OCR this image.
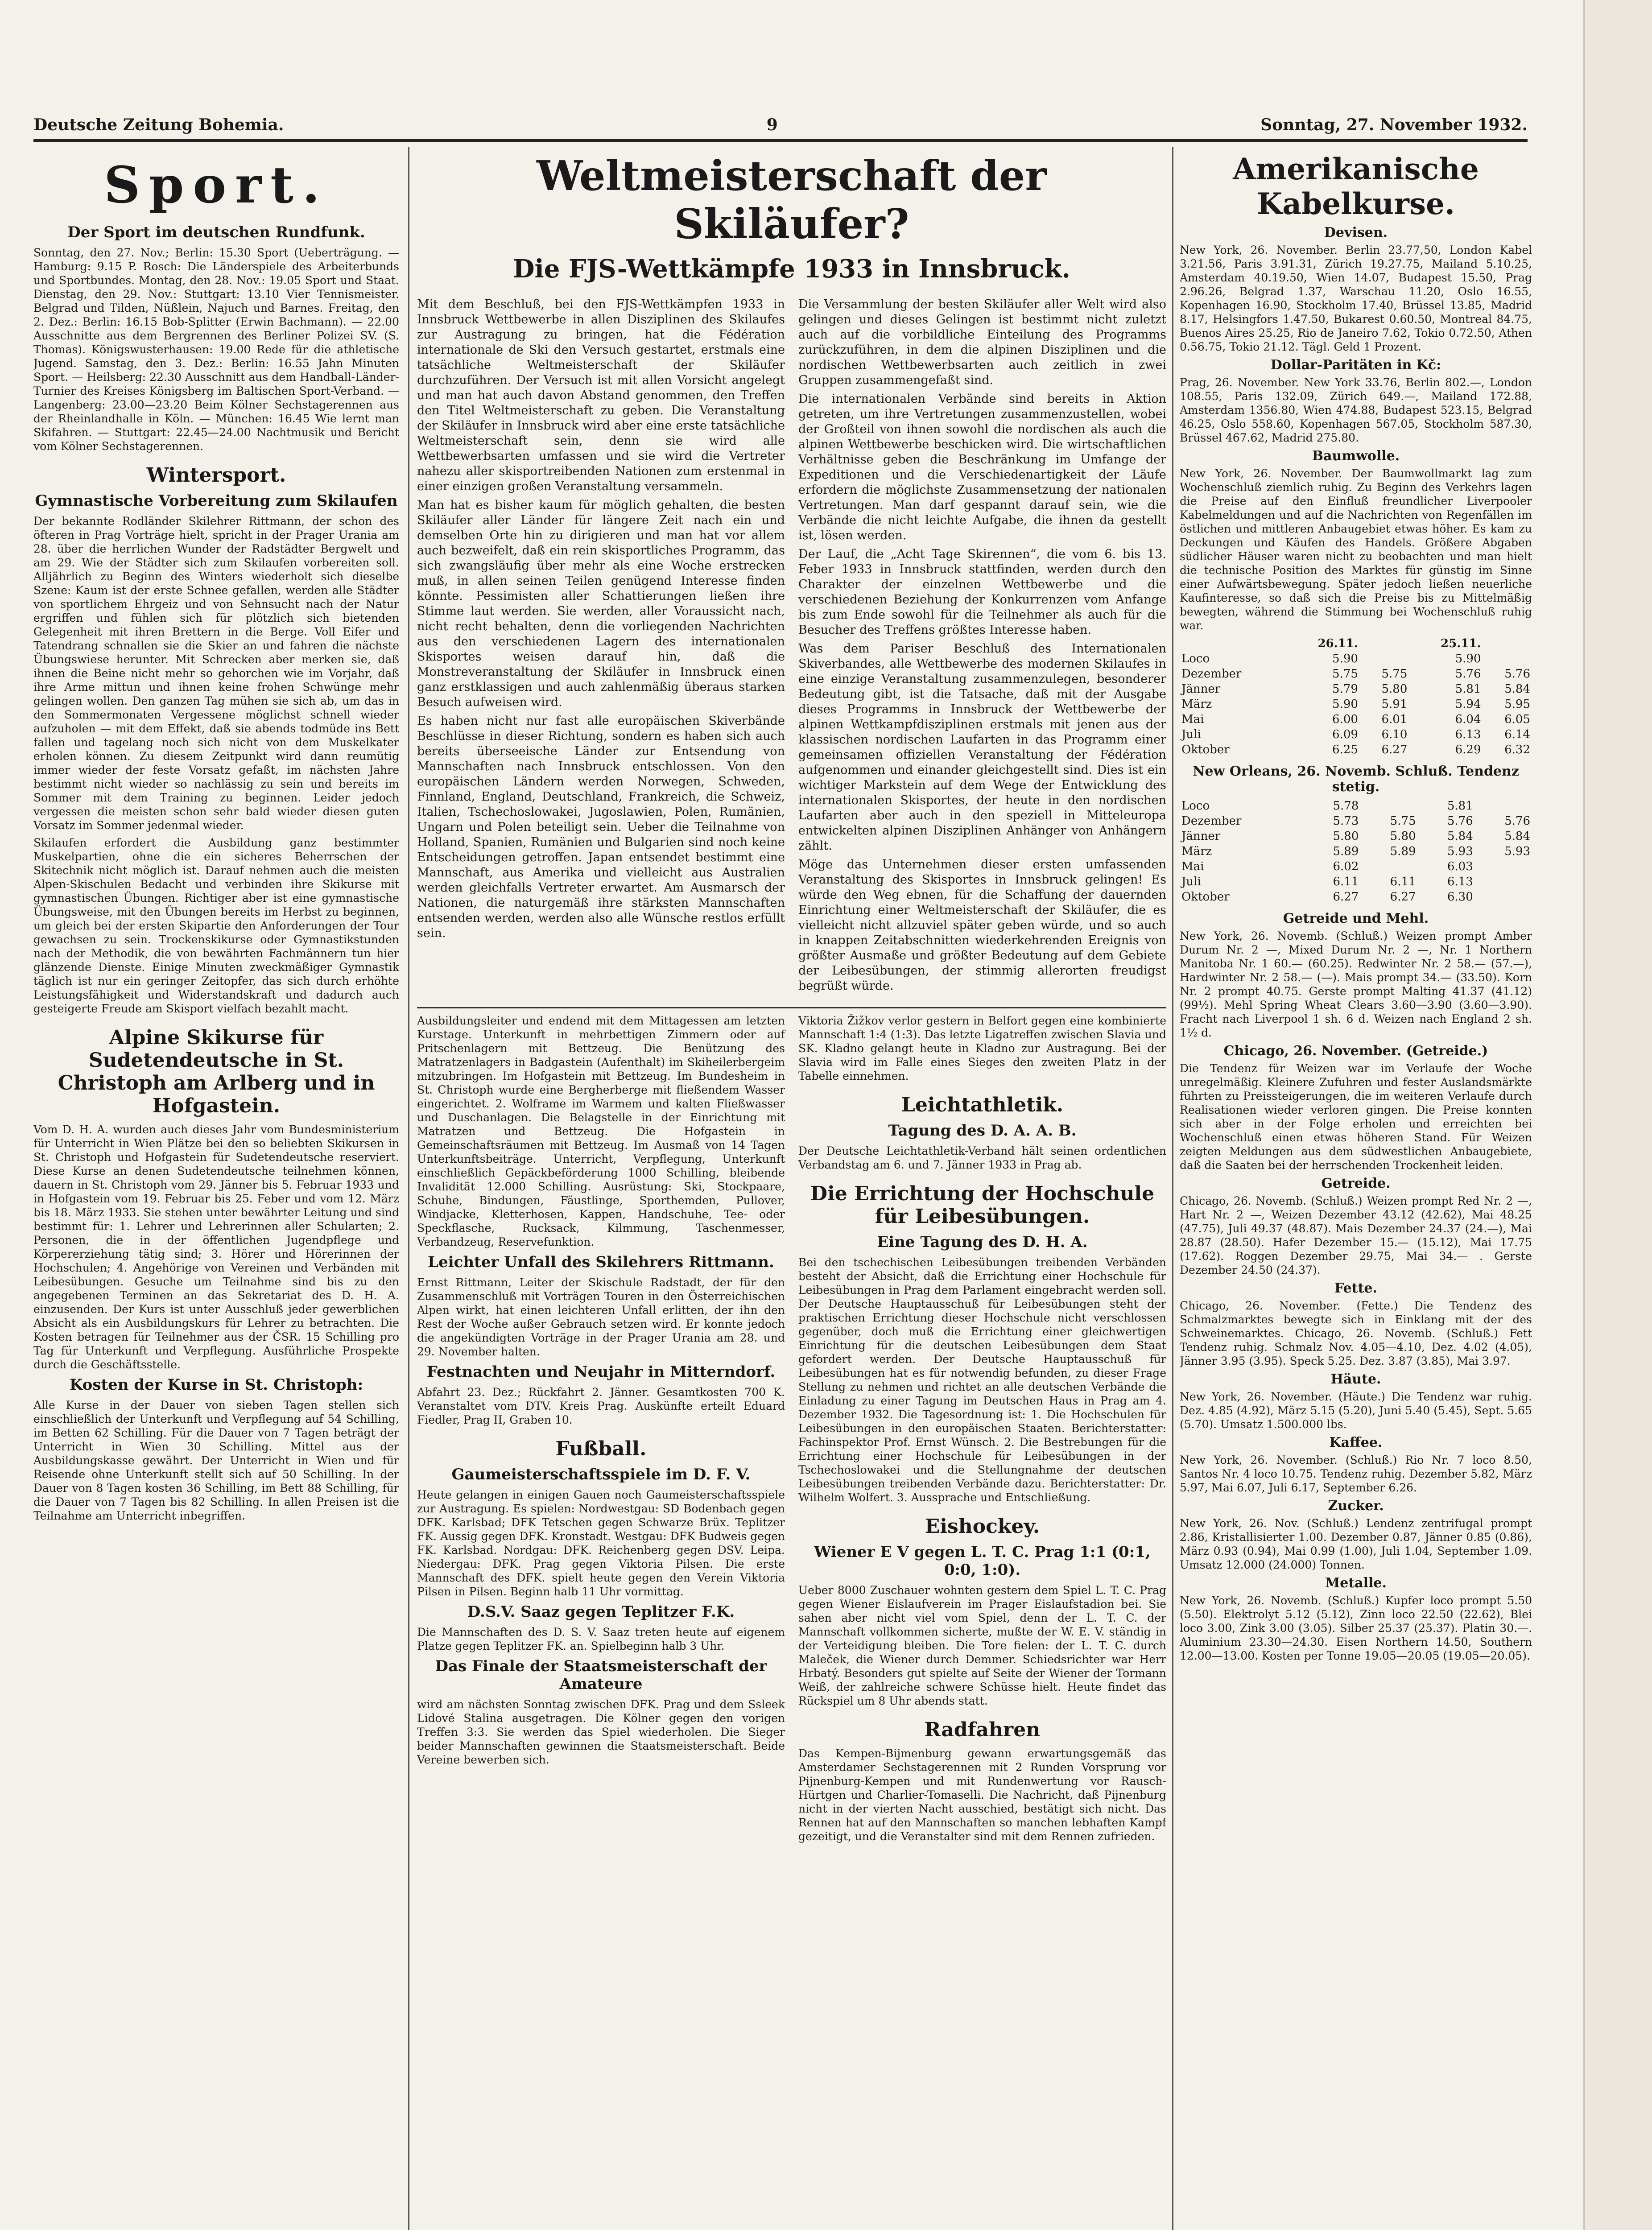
Deutsche Zeitung Bohemia.	9	Sonntag, 27. November 1932.
Sport.
Der Sport im deutschen Rundfunk.

Sonntag, den 27. Nov.; Berlin: 15.30 Sport (Ueberträgung. — Hamburg: 9.15 P. Rosch: Die Länderspiele des Arbeiterbunds und Sportbundes. Montag, den 28. Nov.: 19.05 Sport und Staat. Dienstag, den 29. Nov.: Stuttgart: 13.10 Vier Tennismeister. Belgrad und Tilden, Nüßlein, Najuch und Barnes. Freitag, den 2. Dez.: Berlin: 16.15 Bob-Splitter (Erwin Bachmann). — 22.00 Ausschnitte aus dem Bergrennen des Berliner Polizei SV. (S. Thomas). Königswusterhausen: 19.00 Rede für die athletische Jugend. Samstag, den 3. Dez.: Berlin: 16.55 Jahn Minuten Sport. — Heilsberg: 22.30 Ausschnitt aus dem Handball-Länder-Turnier des Kreises Königsberg im Baltischen Sport-Verband. — Langenberg: 23.00—23.20 Beim Kölner Sechstagerennen aus der Rheinlandhalle in Köln. — München: 16.45 Wie lernt man Skifahren. — Stuttgart: 22.45—24.00 Nachtmusik und Bericht vom Kölner Sechstagerennen.

Wintersport.
Gymnastische Vorbereitung zum Skilaufen

Der bekannte Rodländer Skilehrer Rittmann, der schon des öfteren in Prag Vorträge hielt, spricht in der Prager Urania am 28. über die herrlichen Wunder der Radstädter Bergwelt und am 29. Wie der Städter sich zum Skilaufen vorbereiten soll. Alljährlich zu Beginn des Winters wiederholt sich dieselbe Szene: Kaum ist der erste Schnee gefallen, werden alle Städter von sportlichem Ehrgeiz und von Sehnsucht nach der Natur ergriffen und fühlen sich für plötzlich sich bietenden Gelegenheit mit ihren Brettern in die Berge. Voll Eifer und Tatendrang schnallen sie die Skier an und fahren die nächste Übungswiese herunter. Mit Schrecken aber merken sie, daß ihnen die Beine nicht mehr so gehorchen wie im Vorjahr, daß ihre Arme mittun und ihnen keine frohen Schwünge mehr gelingen wollen. Den ganzen Tag mühen sie sich ab, um das in den Sommermonaten Vergessene möglichst schnell wieder aufzuholen — mit dem Effekt, daß sie abends todmüde ins Bett fallen und tagelang noch sich nicht von dem Muskelkater erholen können. Zu diesem Zeitpunkt wird dann reumütig immer wieder der feste Vorsatz gefaßt, im nächsten Jahre bestimmt nicht wieder so nachlässig zu sein und bereits im Sommer mit dem Training zu beginnen. Leider jedoch vergessen die meisten schon sehr bald wieder diesen guten Vorsatz im Sommer jedenmal wieder.

Skilaufen erfordert die Ausbildung ganz bestimmter Muskelpartien, ohne die ein sicheres Beherrschen der Skitechnik nicht möglich ist. Darauf nehmen auch die meisten Alpen-Skischulen Bedacht und verbinden ihre Skikurse mit gymnastischen Übungen. Richtiger aber ist eine gymnastische Übungsweise, mit den Übungen bereits im Herbst zu beginnen, um gleich bei der ersten Skipartie den Anforderungen der Tour gewachsen zu sein. Trockenskikurse oder Gymnastikstunden nach der Methodik, die von bewährten Fachmännern tun hier glänzende Dienste. Einige Minuten zweckmäßiger Gymnastik täglich ist nur ein geringer Zeitopfer, das sich durch erhöhte Leistungsfähigkeit und Widerstandskraft und dadurch auch gesteigerte Freude am Skisport vielfach bezahlt macht.

Alpine Skikurse für Sudetendeutsche in St. Christoph am Arlberg und in Hofgastein.

Vom D. H. A. wurden auch dieses Jahr vom Bundesministerium für Unterricht in Wien Plätze bei den so beliebten Skikursen in St. Christoph und Hofgastein für Sudetendeutsche reserviert. Diese Kurse an denen Sudetendeutsche teilnehmen können, dauern in St. Christoph vom 29. Jänner bis 5. Februar 1933 und in Hofgastein vom 19. Februar bis 25. Feber und vom 12. März bis 18. März 1933. Sie stehen unter bewährter Leitung und sind bestimmt für: 1. Lehrer und Lehrerinnen aller Schularten; 2. Personen, die in der öffentlichen Jugendpflege und Körpererziehung tätig sind; 3. Hörer und Hörerinnen der Hochschulen; 4. Angehörige von Vereinen und Verbänden mit Leibesübungen. Gesuche um Teilnahme sind bis zu den angegebenen Terminen an das Sekretariat des D. H. A. einzusenden. Der Kurs ist unter Ausschluß jeder gewerblichen Absicht als ein Ausbildungskurs für Lehrer zu betrachten. Die Kosten betragen für Teilnehmer aus der ČSR. 15 Schilling pro Tag für Unterkunft und Verpflegung. Ausführliche Prospekte durch die Geschäftsstelle.

Kosten der Kurse in St. Christoph:

Alle Kurse in der Dauer von sieben Tagen stellen sich einschließlich der Unterkunft und Verpflegung auf 54 Schilling, im Betten 62 Schilling. Für die Dauer von 7 Tagen beträgt der Unterricht in Wien 30 Schilling. Mittel aus der Ausbildungskasse gewährt. Der Unterricht in Wien und für Reisende ohne Unterkunft stellt sich auf 50 Schilling. In der Dauer von 8 Tagen kosten 36 Schilling, im Bett 88 Schilling, für die Dauer von 7 Tagen bis 82 Schilling. In allen Preisen ist die Teilnahme am Unterricht inbegriffen.

Weltmeisterschaft der Skiläufer?
Die FJS-Wettkämpfe 1933 in Innsbruck.

Mit dem Beschluß, bei den FJS-Wettkämpfen 1933 in Innsbruck Wettbewerbe in allen Disziplinen des Skilaufes zur Austragung zu bringen, hat die Fédération internationale de Ski den Versuch gestartet, erstmals eine tatsächliche Weltmeisterschaft der Skiläufer durchzuführen. Der Versuch ist mit allen Vorsicht angelegt und man hat auch davon Abstand genommen, den Treffen den Titel Weltmeisterschaft zu geben. Die Veranstaltung der Skiläufer in Innsbruck wird aber eine erste tatsächliche Weltmeisterschaft sein, denn sie wird alle Wettbewerbsarten umfassen und sie wird die Vertreter nahezu aller skisportreibenden Nationen zum erstenmal in einer einzigen großen Veranstaltung versammeln.

Man hat es bisher kaum für möglich gehalten, die besten Skiläufer aller Länder für längere Zeit nach ein und demselben Orte hin zu dirigieren und man hat vor allem auch bezweifelt, daß ein rein skisportliches Programm, das sich zwangsläufig über mehr als eine Woche erstrecken muß, in allen seinen Teilen genügend Interesse finden könnte. Pessimisten aller Schattierungen ließen ihre Stimme laut werden. Sie werden, aller Voraussicht nach, nicht recht behalten, denn die vorliegenden Nachrichten aus den verschiedenen Lagern des internationalen Skisportes weisen darauf hin, daß die Monstreveranstaltung der Skiläufer in Innsbruck einen ganz erstklassigen und auch zahlenmäßig überaus starken Besuch aufweisen wird.

Es haben nicht nur fast alle europäischen Skiverbände Beschlüsse in dieser Richtung, sondern es haben sich auch bereits überseeische Länder zur Entsendung von Mannschaften nach Innsbruck entschlossen. Von den europäischen Ländern werden Norwegen, Schweden, Finnland, England, Deutschland, Frankreich, die Schweiz, Italien, Tschechoslowakei, Jugoslawien, Polen, Rumänien, Ungarn und Polen beteiligt sein. Ueber die Teilnahme von Holland, Spanien, Rumänien und Bulgarien sind noch keine Entscheidungen getroffen. Japan entsendet bestimmt eine Mannschaft, aus Amerika und vielleicht aus Australien werden gleichfalls Vertreter erwartet. Am Ausmarsch der Nationen, die naturgemäß ihre stärksten Mannschaften entsenden werden, werden also alle Wünsche restlos erfüllt sein.

Die Versammlung der besten Skiläufer aller Welt wird also gelingen und dieses Gelingen ist bestimmt nicht zuletzt auch auf die vorbildliche Einteilung des Programms zurückzuführen, in dem die alpinen Disziplinen und die nordischen Wettbewerbsarten auch zeitlich in zwei Gruppen zusammengefaßt sind.

Die internationalen Verbände sind bereits in Aktion getreten, um ihre Vertretungen zusammenzustellen, wobei der Großteil von ihnen sowohl die nordischen als auch die alpinen Wettbewerbe beschicken wird. Die wirtschaftlichen Verhältnisse geben die Beschränkung im Umfange der Expeditionen und die Verschiedenartigkeit der Läufe erfordern die möglichste Zusammensetzung der nationalen Vertretungen. Man darf gespannt darauf sein, wie die Verbände die nicht leichte Aufgabe, die ihnen da gestellt ist, lösen werden.

Der Lauf, die „Acht Tage Skirennen“, die vom 6. bis 13. Feber 1933 in Innsbruck stattfinden, werden durch den Charakter der einzelnen Wettbewerbe und die verschiedenen Beziehung der Konkurrenzen vom Anfange bis zum Ende sowohl für die Teilnehmer als auch für die Besucher des Treffens größtes Interesse haben.

Was dem Pariser Beschluß des Internationalen Skiverbandes, alle Wettbewerbe des modernen Skilaufes in eine einzige Veranstaltung zusammenzulegen, besonderer Bedeutung gibt, ist die Tatsache, daß mit der Ausgabe dieses Programms in Innsbruck der Wettbewerbe der alpinen Wettkampfdisziplinen erstmals mit jenen aus der klassischen nordischen Laufarten in das Programm einer gemeinsamen offiziellen Veranstaltung der Fédération aufgenommen und einander gleichgestellt sind. Dies ist ein wichtiger Markstein auf dem Wege der Entwicklung des internationalen Skisportes, der heute in den nordischen Laufarten aber auch in den speziell in Mitteleuropa entwickelten alpinen Disziplinen Anhänger von Anhängern zählt.

Möge das Unternehmen dieser ersten umfassenden Veranstaltung des Skisportes in Innsbruck gelingen! Es würde den Weg ebnen, für die Schaffung der dauernden Einrichtung einer Weltmeisterschaft der Skiläufer, die es vielleicht nicht allzuviel später geben würde, und so auch in knappen Zeitabschnitten wiederkehrenden Ereignis von größter Ausmaße und größter Bedeutung auf dem Gebiete der Leibesübungen, der stimmig allerorten freudigst begrüßt würde.

Ausbildungsleiter und endend mit dem Mittagessen am letzten Kurstage. Unterkunft in mehrbettigen Zimmern oder auf Pritschenlagern mit Bettzeug. Die Benützung des Matratzenlagers in Badgastein (Aufenthalt) im Skiheilerbergeim mitzubringen. Im Hofgastein mit Bettzeug. Im Bundesheim in St. Christoph wurde eine Bergherberge mit fließendem Wasser eingerichtet. 2. Wolframe im Warmem und kalten Fließwasser und Duschanlagen. Die Belagstelle in der Einrichtung mit Matratzen und Bettzeug. Die Hofgastein in Gemeinschaftsräumen mit Bettzeug. Im Ausmaß von 14 Tagen Unterkunftsbeiträge. Unterricht, Verpflegung, Unterkunft einschließlich Gepäckbeförderung 1000 Schilling, bleibende Invalidität 12.000 Schilling. Ausrüstung: Ski, Stockpaare, Schuhe, Bindungen, Fäustlinge, Sporthemden, Pullover, Windjacke, Kletterhosen, Kappen, Handschuhe, Tee- oder Speckflasche, Rucksack, Kilmmung, Taschenmesser, Verbandzeug, Reservefunktion.

Leichter Unfall des Skilehrers Rittmann.

Ernst Rittmann, Leiter der Skischule Radstadt, der für den Zusammenschluß mit Vorträgen Touren in den Österreichischen Alpen wirkt, hat einen leichteren Unfall erlitten, der ihn den Rest der Woche außer Gebrauch setzen wird. Er konnte jedoch die angekündigten Vorträge in der Prager Urania am 28. und 29. November halten.

Festnachten und Neujahr in Mitterndorf.

Abfahrt 23. Dez.; Rückfahrt 2. Jänner. Gesamtkosten 700 K. Veranstaltet vom DTV. Kreis Prag. Auskünfte erteilt Eduard Fiedler, Prag II, Graben 10.

Fußball.
Gaumeisterschaftsspiele im D. F. V.

Heute gelangen in einigen Gauen noch Gaumeisterschaftsspiele zur Austragung. Es spielen: Nordwestgau: SD Bodenbach gegen DFK. Karlsbad; DFK Tetschen gegen Schwarze Brüx. Teplitzer FK. Aussig gegen DFK. Kronstadt. Westgau: DFK Budweis gegen FK. Karlsbad. Nordgau: DFK. Reichenberg gegen DSV. Leipa. Niedergau: DFK. Prag gegen Viktoria Pilsen. Die erste Mannschaft des DFK. spielt heute gegen den Verein Viktoria Pilsen in Pilsen. Beginn halb 11 Uhr vormittag.

D.S.V. Saaz gegen Teplitzer F.K.

Die Mannschaften des D. S. V. Saaz treten heute auf eigenem Platze gegen Teplitzer FK. an. Spielbeginn halb 3 Uhr.

Das Finale der Staatsmeisterschaft der Amateure

wird am nächsten Sonntag zwischen DFK. Prag und dem Ssleek Lidové Stalina ausgetragen. Die Kölner gegen den vorigen Treffen 3:3. Sie werden das Spiel wiederholen. Die Sieger beider Mannschaften gewinnen die Staatsmeisterschaft. Beide Vereine bewerben sich.

Viktoria Žižkov verlor gestern in Belfort gegen eine kombinierte Mannschaft 1:4 (1:3). Das letzte Ligatreffen zwischen Slavia und SK. Kladno gelangt heute in Kladno zur Austragung. Bei der Slavia wird im Falle eines Sieges den zweiten Platz in der Tabelle einnehmen.

Leichtathletik.
Tagung des D. A. A. B.

Der Deutsche Leichtathletik-Verband hält seinen ordentlichen Verbandstag am 6. und 7. Jänner 1933 in Prag ab.

Die Errichtung der Hochschule für Leibesübungen.
Eine Tagung des D. H. A.

Bei den tschechischen Leibesübungen treibenden Verbänden besteht der Absicht, daß die Errichtung einer Hochschule für Leibesübungen in Prag dem Parlament eingebracht werden soll. Der Deutsche Hauptausschuß für Leibesübungen steht der praktischen Errichtung dieser Hochschule nicht verschlossen gegenüber, doch muß die Errichtung einer gleichwertigen Einrichtung für die deutschen Leibesübungen dem Staat gefordert werden. Der Deutsche Hauptausschuß für Leibesübungen hat es für notwendig befunden, zu dieser Frage Stellung zu nehmen und richtet an alle deutschen Verbände die Einladung zu einer Tagung im Deutschen Haus in Prag am 4. Dezember 1932. Die Tagesordnung ist: 1. Die Hochschulen für Leibesübungen in den europäischen Staaten. Berichterstatter: Fachinspektor Prof. Ernst Wünsch. 2. Die Bestrebungen für die Errichtung einer Hochschule für Leibesübungen in der Tschechoslowakei und die Stellungnahme der deutschen Leibesübungen treibenden Verbände dazu. Berichterstatter: Dr. Wilhelm Wolfert. 3. Aussprache und Entschließung.

Eishockey.
Wiener E V gegen L. T. C. Prag 1:1 (0:1, 0:0, 1:0).

Ueber 8000 Zuschauer wohnten gestern dem Spiel L. T. C. Prag gegen Wiener Eislaufverein im Prager Eislaufstadion bei. Sie sahen aber nicht viel vom Spiel, denn der L. T. C. der Mannschaft vollkommen sicherte, mußte der W. E. V. ständig in der Verteidigung bleiben. Die Tore fielen: der L. T. C. durch Maleček, die Wiener durch Demmer. Schiedsrichter war Herr Hrbatý. Besonders gut spielte auf Seite der Wiener der Tormann Weiß, der zahlreiche schwere Schüsse hielt. Heute findet das Rückspiel um 8 Uhr abends statt.

Radfahren

Das Kempen-Bijmenburg gewann erwartungsgemäß das Amsterdamer Sechstagerennen mit 2 Runden Vorsprung vor Pijnenburg-Kempen und mit Rundenwertung vor Rausch-Hürtgen und Charlier-Tomaselli. Die Nachricht, daß Pijnenburg nicht in der vierten Nacht ausschied, bestätigt sich nicht. Das Rennen hat auf den Mannschaften so manchen lebhaften Kampf gezeitigt, und die Veranstalter sind mit dem Rennen zufrieden.

Amerikanische Kabelkurse.
Devisen.

New York, 26. November. Berlin 23.77,50, London Kabel 3.21.56, Paris 3.91.31, Zürich 19.27.75, Mailand 5.10.25, Amsterdam 40.19.50, Wien 14.07, Budapest 15.50, Prag 2.96.26, Belgrad 1.37, Warschau 11.20, Oslo 16.55, Kopenhagen 16.90, Stockholm 17.40, Brüssel 13.85, Madrid 8.17, Helsingfors 1.47.50, Bukarest 0.60.50, Montreal 84.75, Buenos Aires 25.25, Rio de Janeiro 7.62, Tokio 0.72.50, Athen 0.56.75, Tokio 21.12. Tägl. Geld 1 Prozent.

Dollar-Paritäten in Kč:

Prag, 26. November. New York 33.76, Berlin 802.—, London 108.55, Paris 132.09, Zürich 649.—, Mailand 172.88, Amsterdam 1356.80, Wien 474.88, Budapest 523.15, Belgrad 46.25, Oslo 558.60, Kopenhagen 567.05, Stockholm 587.30, Brüssel 467.62, Madrid 275.80.

Baumwolle.

New York, 26. November. Der Baumwollmarkt lag zum Wochenschluß ziemlich ruhig. Zu Beginn des Verkehrs lagen die Preise auf den Einfluß freundlicher Liverpooler Kabelmeldungen und auf die Nachrichten von Regenfällen im östlichen und mittleren Anbaugebiet etwas höher. Es kam zu Deckungen und Käufen des Handels. Größere Abgaben südlicher Häuser waren nicht zu beobachten und man hielt die technische Position des Marktes für günstig im Sinne einer Aufwärtsbewegung. Später jedoch ließen neuerliche Kaufinteresse, so daß sich die Preise bis zu Mittelmäßig bewegten, während die Stimmung bei Wochenschluß ruhig war.

	26.11.		25.11.	
Loco	5.90		5.90	
Dezember	5.75	5.75	5.76	5.76
Jänner	5.79	5.80	5.81	5.84
März	5.90	5.91	5.94	5.95
Mai	6.00	6.01	6.04	6.05
Juli	6.09	6.10	6.13	6.14
Oktober	6.25	6.27	6.29	6.32
New Orleans, 26. Novemb. Schluß. Tendenz stetig.
Loco	5.78		5.81	
Dezember	5.73	5.75	5.76	5.76
Jänner	5.80	5.80	5.84	5.84
März	5.89	5.89	5.93	5.93
Mai	6.02		6.03	
Juli	6.11	6.11	6.13	
Oktober	6.27	6.27	6.30	
Getreide und Mehl.

New York, 26. Novemb. (Schluß.) Weizen prompt Amber Durum Nr. 2 —, Mixed Durum Nr. 2 —, Nr. 1 Northern Manitoba Nr. 1 60.— (60.25). Redwinter Nr. 2 58.— (57.—), Hardwinter Nr. 2 58.— (—). Mais prompt 34.— (33.50). Korn Nr. 2 prompt 40.75. Gerste prompt Malting 41.37 (41.12) (99½). Mehl Spring Wheat Clears 3.60—3.90 (3.60—3.90). Fracht nach Liverpool 1 sh. 6 d. Weizen nach England 2 sh. 1½ d.

Chicago, 26. November. (Getreide.)

Die Tendenz für Weizen war im Verlaufe der Woche unregelmäßig. Kleinere Zufuhren und fester Auslandsmärkte führten zu Preissteigerungen, die im weiteren Verlaufe durch Realisationen wieder verloren gingen. Die Preise konnten sich aber in der Folge erholen und erreichten bei Wochenschluß einen etwas höheren Stand. Für Weizen zeigten Meldungen aus dem südwestlichen Anbaugebiete, daß die Saaten bei der herrschenden Trockenheit leiden.

Getreide.

Chicago, 26. Novemb. (Schluß.) Weizen prompt Red Nr. 2 —, Hart Nr. 2 —, Weizen Dezember 43.12 (42.62), Mai 48.25 (47.75), Juli 49.37 (48.87). Mais Dezember 24.37 (24.—), Mai 28.87 (28.50). Hafer Dezember 15.— (15.12), Mai 17.75 (17.62). Roggen Dezember 29.75, Mai 34.— . Gerste Dezember 24.50 (24.37).

Fette.

Chicago, 26. November. (Fette.) Die Tendenz des Schmalzmarktes bewegte sich in Einklang mit der des Schweinemarktes. Chicago, 26. Novemb. (Schluß.) Fett Tendenz ruhig. Schmalz Nov. 4.05—4.10, Dez. 4.02 (4.05), Jänner 3.95 (3.95). Speck 5.25. Dez. 3.87 (3.85), Mai 3.97.

Häute.

New York, 26. November. (Häute.) Die Tendenz war ruhig. Dez. 4.85 (4.92), März 5.15 (5.20), Juni 5.40 (5.45), Sept. 5.65 (5.70). Umsatz 1.500.000 lbs.

Kaffee.

New York, 26. November. (Schluß.) Rio Nr. 7 loco 8.50, Santos Nr. 4 loco 10.75. Tendenz ruhig. Dezember 5.82, März 5.97, Mai 6.07, Juli 6.17, September 6.26.

Zucker.

New York, 26. Nov. (Schluß.) Lendenz zentrifugal prompt 2.86, Kristallisierter 1.00. Dezember 0.87, Jänner 0.85 (0.86), März 0.93 (0.94), Mai 0.99 (1.00), Juli 1.04, September 1.09. Umsatz 12.000 (24.000) Tonnen.

Metalle.

New York, 26. Novemb. (Schluß.) Kupfer loco prompt 5.50 (5.50). Elektrolyt 5.12 (5.12), Zinn loco 22.50 (22.62), Blei loco 3.00, Zink 3.00 (3.05). Silber 25.37 (25.37). Platin 30.—. Aluminium 23.30—24.30. Eisen Northern 14.50, Southern 12.00—13.00. Kosten per Tonne 19.05—20.05 (19.05—20.05).
